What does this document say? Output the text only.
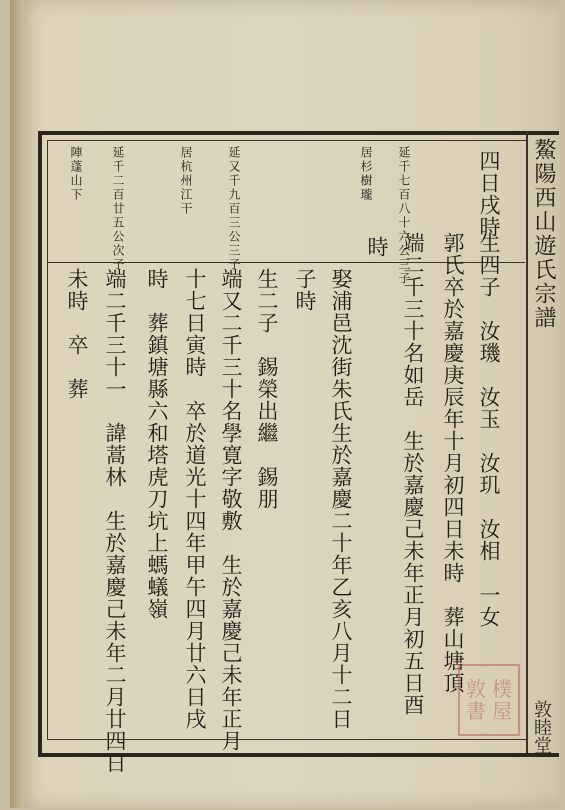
鰲陽西山遊氏宗譜
敦睦堂
延千七百八十六公三子
居杉樹瓏
延又千九百三公三子
居杭州江干
延千二百廿五公次子
陣蓬山下	四日戌時
生四子　汝璣　汝玉　汝玑　汝相　一女
郭氏卒於嘉慶庚辰年十月初四日未時　葬山塘頂
端二千三十名如岳　生於嘉慶己未年正月初五日酉
時
娶浦邑沈街朱氏生於嘉慶二十年乙亥八月十二日
子時
生二子　錫榮出繼　錫朋
端又二千三十名學寛字敬敷　生於嘉慶己未年正月
十七日寅時　卒於道光十四年甲午四月廿六日戌
時　葬鎮塘縣六和塔虎刀坑上螞蟻嶺
端二千三十一　諱蒿林　生於嘉慶己未年二月廿四日
未時　卒　葬
敦 樸
書 屋
